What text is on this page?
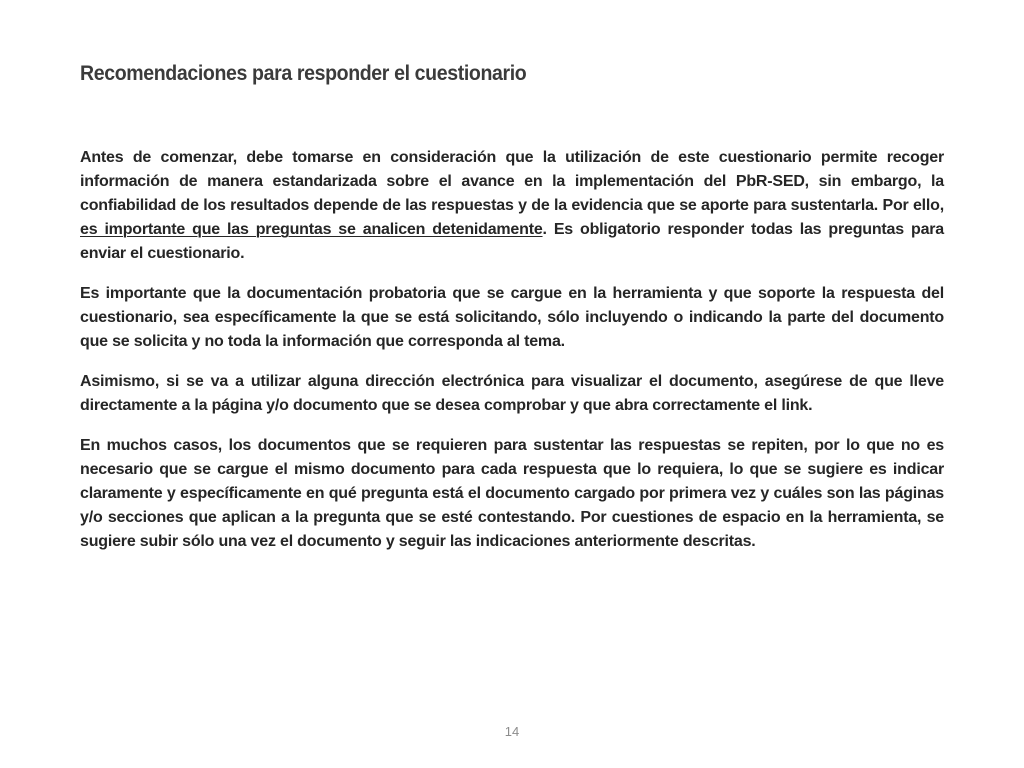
Recomendaciones para responder el cuestionario

Antes de comenzar, debe tomarse en consideración que la utilización de este cuestionario permite recoger información de manera estandarizada sobre el avance en la implementación del PbR-SED, sin embargo, la confiabilidad de los resultados depende de las respuestas y de la evidencia que se aporte para sustentarla. Por ello, es importante que las preguntas se analicen detenidamente. Es obligatorio responder todas las preguntas para enviar el cuestionario.

Es importante que la documentación probatoria que se cargue en la herramienta y que soporte la respuesta del cuestionario, sea específicamente la que se está solicitando, sólo incluyendo o indicando la parte del documento que se solicita y no toda la información que corresponda al tema.

Asimismo, si se va a utilizar alguna dirección electrónica para visualizar el documento, asegúrese de que lleve directamente a la página y/o documento que se desea comprobar y que abra correctamente el link.

En muchos casos, los documentos que se requieren para sustentar las respuestas se repiten, por lo que no es necesario que se cargue el mismo documento para cada respuesta que lo requiera, lo que se sugiere es indicar claramente y específicamente en qué pregunta está el documento cargado por primera vez y cuáles son las páginas y/o secciones que aplican a la pregunta que se esté contestando. Por cuestiones de espacio en la herramienta, se sugiere subir sólo una vez el documento y seguir las indicaciones anteriormente descritas.

14
